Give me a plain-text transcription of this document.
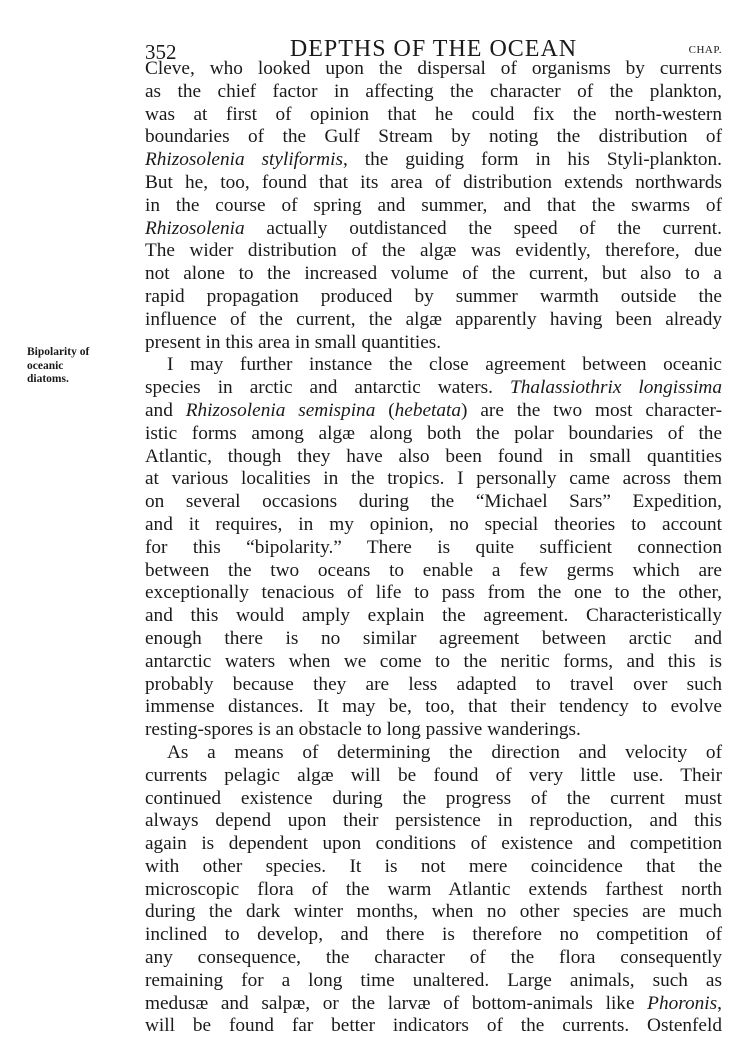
352	DEPTHS OF THE OCEAN	CHAP.
Bipolarity of
oceanic
diatoms.
Cleve, who looked upon the dispersal of organisms by currents
as the chief factor in affecting the character of the plankton,
was at first of opinion that he could fix the north-western
boundaries of the Gulf Stream by noting the distribution of
Rhizosolenia styliformis, the guiding form in his Styli-plankton.
But he, too, found that its area of distribution extends northwards
in the course of spring and summer, and that the swarms of
Rhizosolenia actually outdistanced the speed of the current.
The wider distribution of the algæ was evidently, therefore, due
not alone to the increased volume of the current, but also to a
rapid propagation produced by summer warmth outside the
influence of the current, the algæ apparently having been already
present in this area in small quantities.
I may further instance the close agreement between oceanic
species in arctic and antarctic waters. Thalassiothrix longissima
and Rhizosolenia semispina (hebetata) are the two most character-
istic forms among algæ along both the polar boundaries of the
Atlantic, though they have also been found in small quantities
at various localities in the tropics. I personally came across them
on several occasions during the “Michael Sars” Expedition,
and it requires, in my opinion, no special theories to account
for this “bipolarity.” There is quite sufficient connection
between the two oceans to enable a few germs which are
exceptionally tenacious of life to pass from the one to the other,
and this would amply explain the agreement. Characteristically
enough there is no similar agreement between arctic and
antarctic waters when we come to the neritic forms, and this is
probably because they are less adapted to travel over such
immense distances. It may be, too, that their tendency to evolve
resting-spores is an obstacle to long passive wanderings.
As a means of determining the direction and velocity of
currents pelagic algæ will be found of very little use. Their
continued existence during the progress of the current must
always depend upon their persistence in reproduction, and this
again is dependent upon conditions of existence and competition
with other species. It is not mere coincidence that the
microscopic flora of the warm Atlantic extends farthest north
during the dark winter months, when no other species are much
inclined to develop, and there is therefore no competition of
any consequence, the character of the flora consequently
remaining for a long time unaltered. Large animals, such as
medusæ and salpæ, or the larvæ of bottom-animals like Phoronis,
will be found far better indicators of the currents. Ostenfeld
